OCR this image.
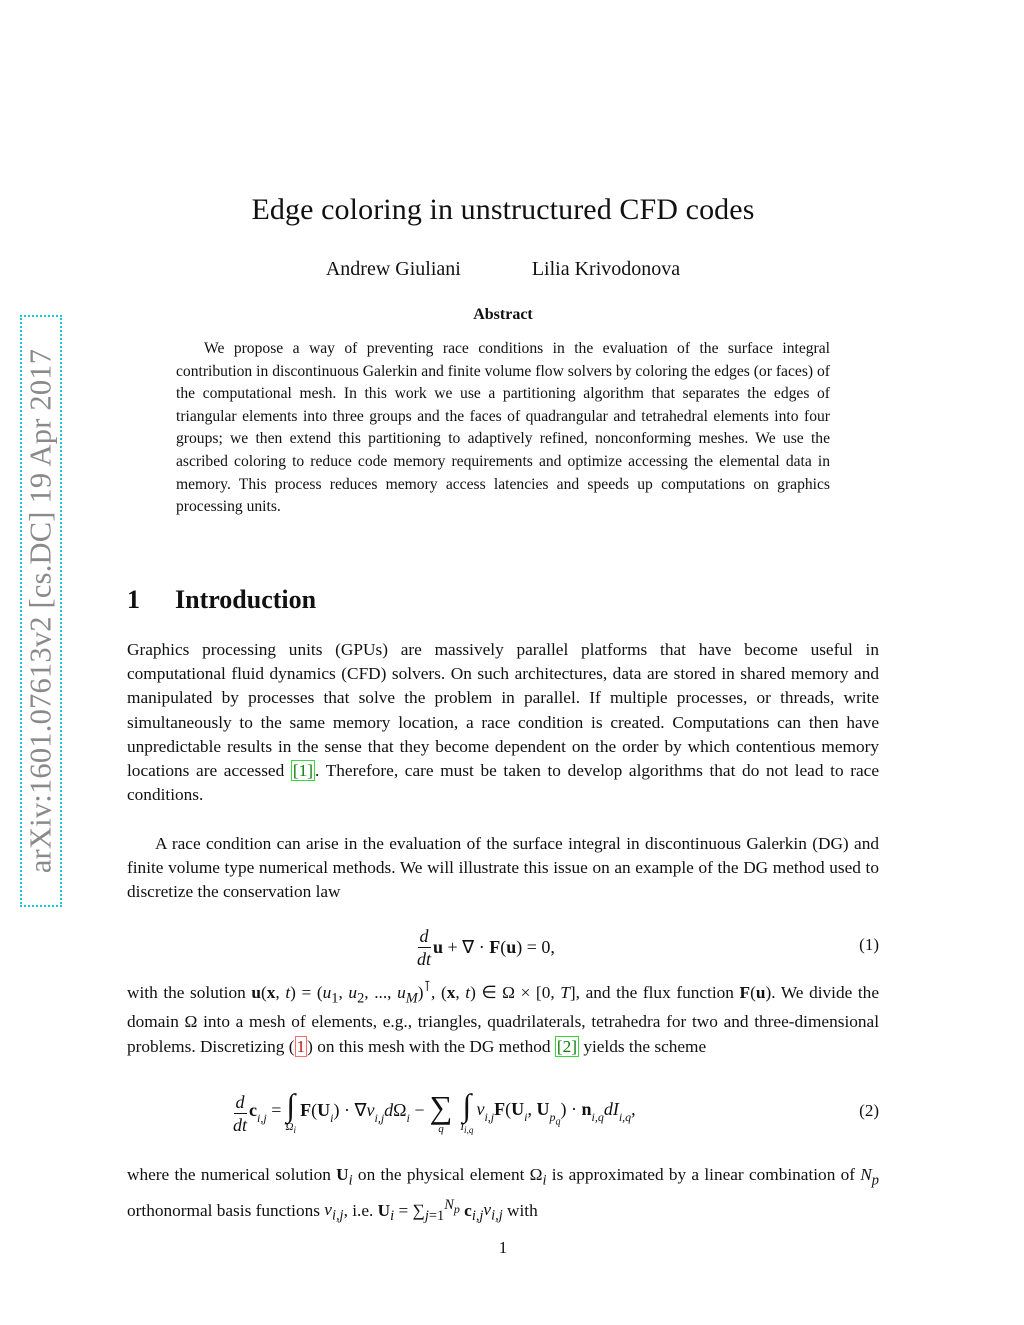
arXiv:1601.07613v2 [cs.DC] 19 Apr 2017
Edge coloring in unstructured CFD codes
Andrew Giuliani	Lilia Krivodonova
Abstract

We propose a way of preventing race conditions in the evaluation of the surface integral contribution in discontinuous Galerkin and finite volume flow solvers by coloring the edges (or faces) of the computational mesh. In this work we use a partitioning algorithm that separates the edges of triangular elements into three groups and the faces of quadrangular and tetrahedral elements into four groups; we then extend this partitioning to adaptively refined, nonconforming meshes. We use the ascribed coloring to reduce code memory requirements and optimize accessing the elemental data in memory. This process reduces memory access latencies and speeds up computations on graphics processing units.

1 Introduction

Graphics processing units (GPUs) are massively parallel platforms that have become useful in computational fluid dynamics (CFD) solvers. On such architectures, data are stored in shared memory and manipulated by processes that solve the problem in parallel. If multiple processes, or threads, write simultaneously to the same memory location, a race condition is created. Computations can then have unpredictable results in the sense that they become dependent on the order by which contentious memory locations are accessed [1] . Therefore, care must be taken to develop algorithms that do not lead to race conditions.

A race condition can arise in the evaluation of the surface integral in discontinuous Galerkin (DG) and finite volume type numerical methods. We will illustrate this issue on an example of the DG method used to discretize the conservation law

$\frac{d}{dt}$ u + ∇ · F(u) = 0,	(1)

with the solution u(x, $t) = (u_1$, $u_2$, ..., $u_M)^⊺$, (x, t) ∈ Ω × [0, T], and the flux function F(u). We divide the domain Ω into a mesh of elements, e.g., triangles, quadrilaterals, tetrahedra for two and three-dimensional problems. Discretizing ( 1 ) on this mesh with the DG method [2] yields the scheme

$\frac{d}{dt} c_{i,j}$ = ∫
$\Omega_i$
$F(U_i) \cdot \nabla v_{i,j}d\Omega_i$ − ∑
q
∫
$I_{i,q}$
$v_{i,j}F(U_i$, $U_{p_q}) \cdot n_{i,q}dI_{i,q}$,	(2)

where the numerical solution $U_i$ on the physical element $\Omega_i$ is approximated by a linear combination of $N_p$ orthonormal basis functions $v_{i,j}$, i.e. $U_i = \sum_{j=1}^{N_p}$ $c_{i,j}v_{i,j}$ with

1
